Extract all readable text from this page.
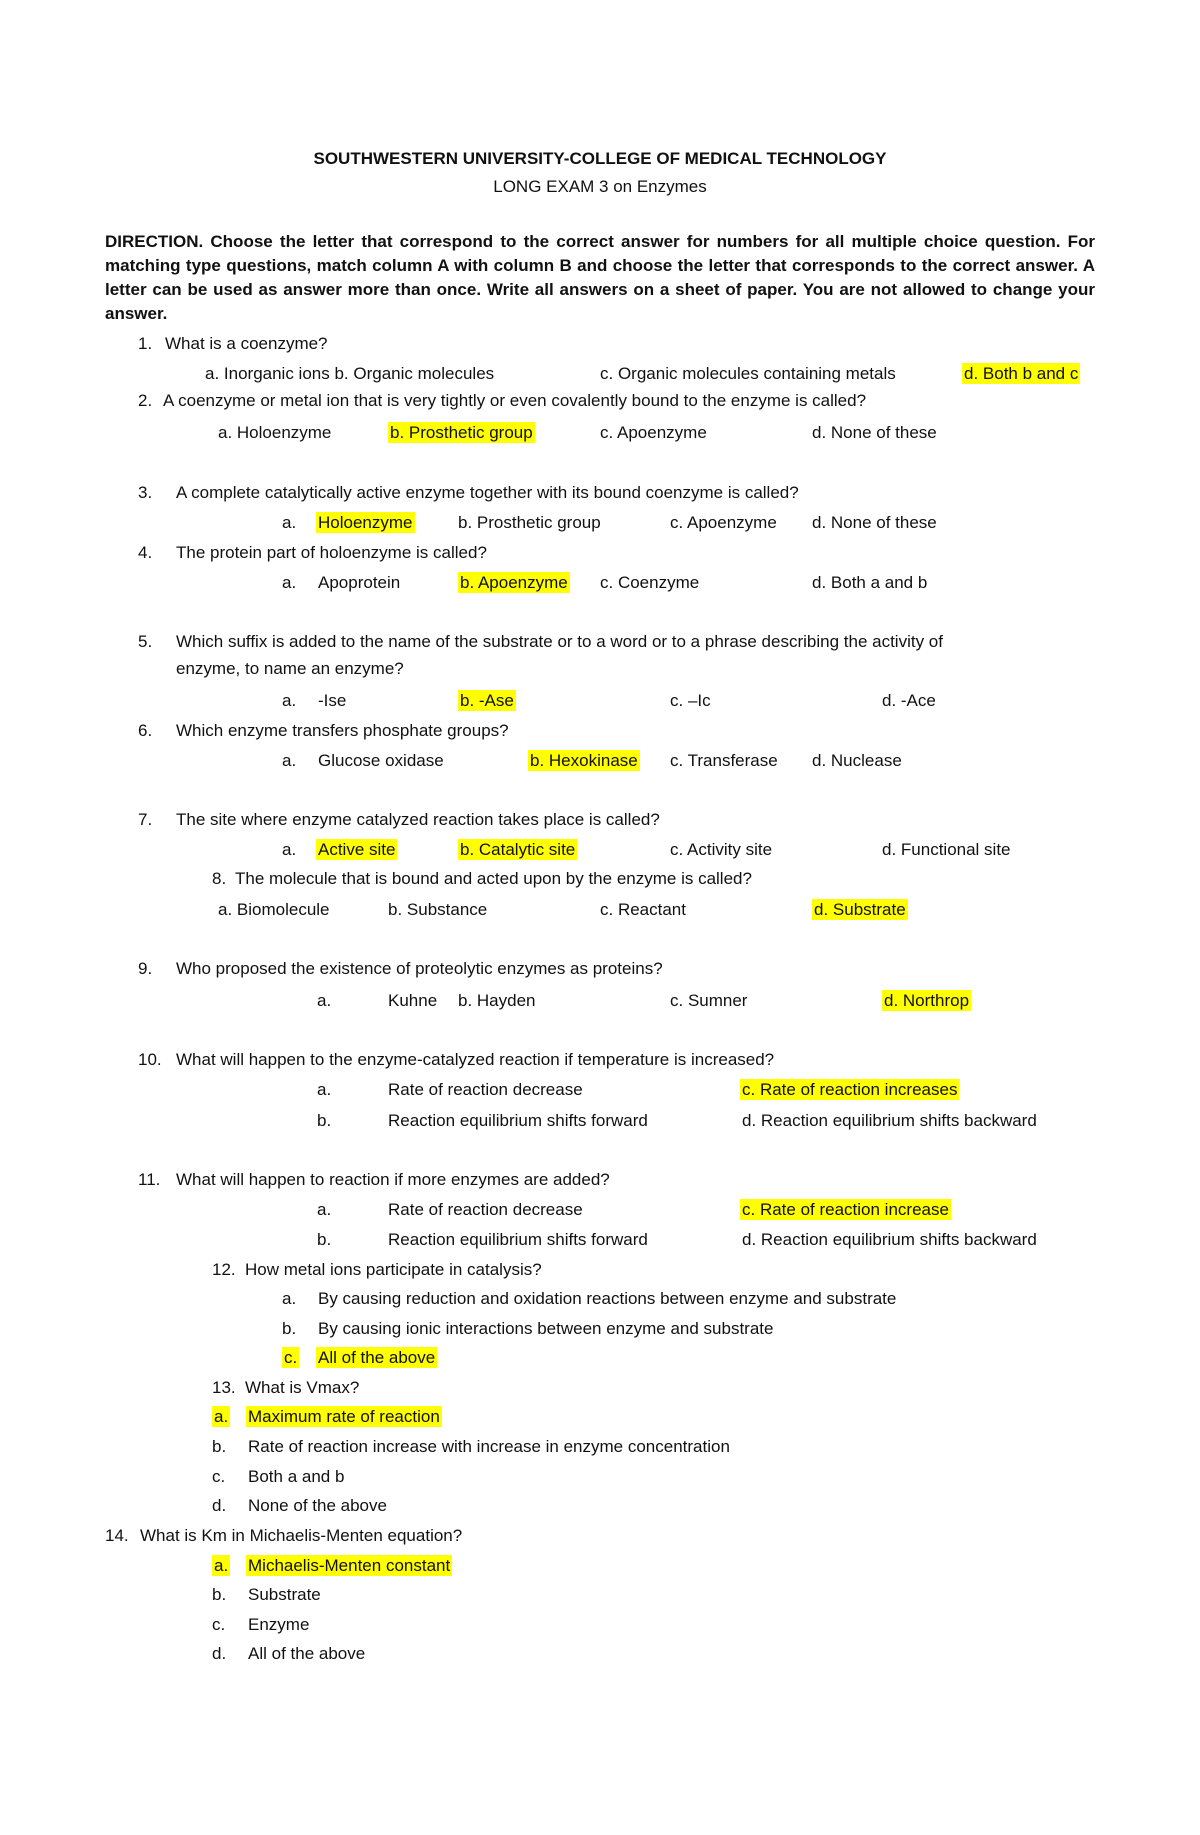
SOUTHWESTERN UNIVERSITY-COLLEGE OF MEDICAL TECHNOLOGY
LONG EXAM 3 on Enzymes
DIRECTION. Choose the letter that correspond to the correct answer for numbers for all multiple choice question. For matching type questions, match column A with column B and choose the letter that corresponds to the correct answer. A letter can be used as answer more than once. Write all answers on a sheet of paper. You are not allowed to change your answer.
1. What is a coenzyme?
a. Inorganic ions b. Organic molecules	c. Organic molecules containing metals	d. Both b and c
2. A coenzyme or metal ion that is very tightly or even covalently bound to the enzyme is called?
a. Holoenzyme	b. Prosthetic group	c. Apoenzyme	d. None of these
3. A complete catalytically active enzyme together with its bound coenzyme is called?
a. Holoenzyme	b. Prosthetic group	c. Apoenzyme d. None of these
4. The protein part of holoenzyme is called?
a. Apoprotein	b. Apoenzyme c. Coenzyme	d. Both a and b
5. Which suffix is added to the name of the substrate or to a word or to a phrase describing the activity of
enzyme, to name an enzyme?
a. -Ise	b. -Ase	c. –Ic	d. -Ace
6. Which enzyme transfers phosphate groups?
a. Glucose oxidase	b. Hexokinase c. Transferase d. Nuclease
7. The site where enzyme catalyzed reaction takes place is called?
a. Active site	b. Catalytic site	c. Activity site	d. Functional site
8. The molecule that is bound and acted upon by the enzyme is called?
a. Biomolecule	b. Substance	c. Reactant	d. Substrate
9. Who proposed the existence of proteolytic enzymes as proteins?
a.	Kuhne b. Hayden	c. Sumner	d. Northrop
10. What will happen to the enzyme-catalyzed reaction if temperature is increased?
a.	Rate of reaction decrease	c. Rate of reaction increases
b.	Reaction equilibrium shifts forward	d. Reaction equilibrium shifts backward
11. What will happen to reaction if more enzymes are added?
a.	Rate of reaction decrease	c. Rate of reaction increase
b.	Reaction equilibrium shifts forward	d. Reaction equilibrium shifts backward
12. How metal ions participate in catalysis?
a. By causing reduction and oxidation reactions between enzyme and substrate
b. By causing ionic interactions between enzyme and substrate
c. All of the above
13. What is Vmax?
a. Maximum rate of reaction
b. Rate of reaction increase with increase in enzyme concentration
c. Both a and b
d. None of the above
14. What is Km in Michaelis-Menten equation?
a. Michaelis-Menten constant
b. Substrate
c. Enzyme
d. All of the above
